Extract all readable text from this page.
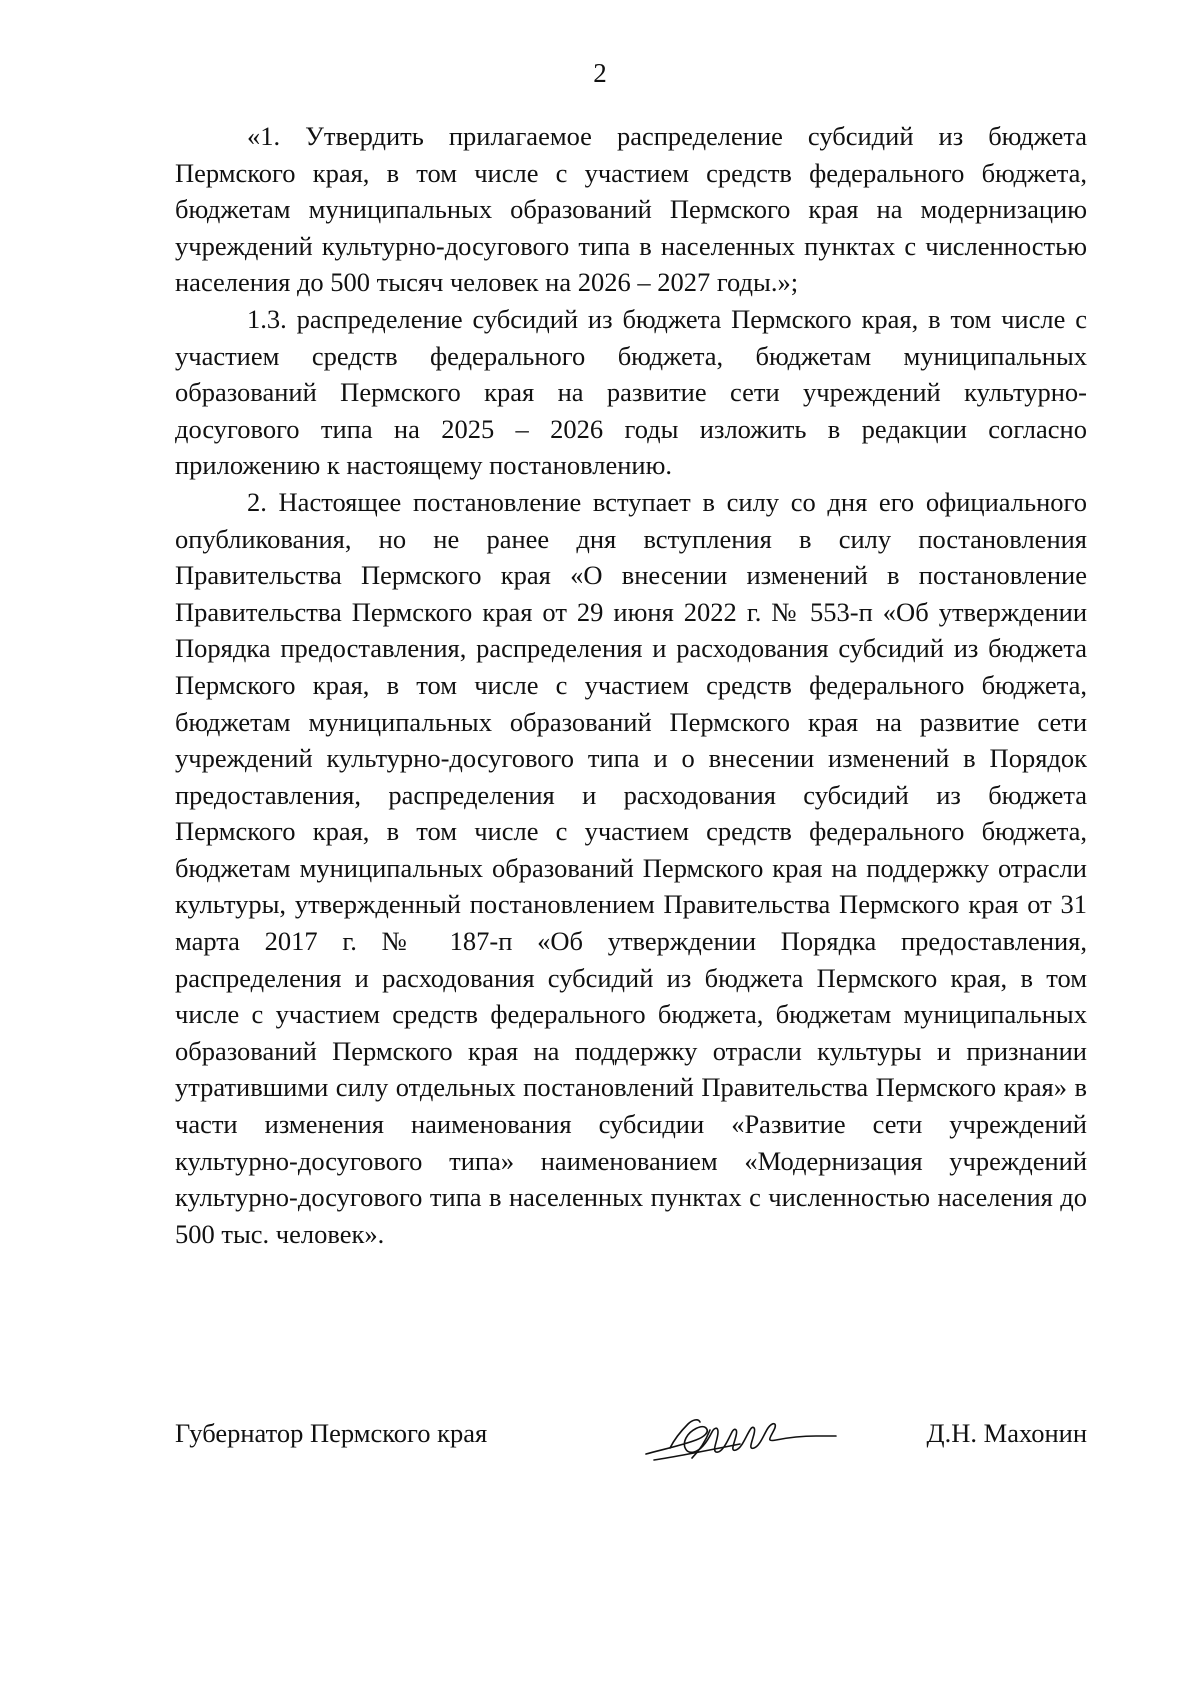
2

«1. Утвердить прилагаемое распределение субсидий из бюджета Пермского края, в том числе с участием средств федерального бюджета, бюджетам муниципальных образований Пермского края на модернизацию учреждений культурно-досугового типа в населенных пунктах с численностью населения до 500 тысяч человек на 2026 – 2027 годы.»;

1.3. распределение субсидий из бюджета Пермского края, в том числе с участием средств федерального бюджета, бюджетам муниципальных образований Пермского края на развитие сети учреждений культурно-досугового типа на 2025 – 2026 годы изложить в редакции согласно приложению к настоящему постановлению.

2. Настоящее постановление вступает в силу со дня его официального опубликования, но не ранее дня вступления в силу постановления Правительства Пермского края «О внесении изменений в постановление Правительства Пермского края от 29 июня 2022 г. № 553-п «Об утверждении Порядка предоставления, распределения и расходования субсидий из бюджета Пермского края, в том числе с участием средств федерального бюджета, бюджетам муниципальных образований Пермского края на развитие сети учреждений культурно-досугового типа и о внесении изменений в Порядок предоставления, распределения и расходования субсидий из бюджета Пермского края, в том числе с участием средств федерального бюджета, бюджетам муниципальных образований Пермского края на поддержку отрасли культуры, утвержденный постановлением Правительства Пермского края от 31 марта 2017 г. № 187-п «Об утверждении Порядка предоставления, распределения и расходования субсидий из бюджета Пермского края, в том числе с участием средств федерального бюджета, бюджетам муниципальных образований Пермского края на поддержку отрасли культуры и признании утратившими силу отдельных постановлений Правительства Пермского края» в части изменения наименования субсидии «Развитие сети учреждений культурно-досугового типа» наименованием «Модернизация учреждений культурно-досугового типа в населенных пунктах с численностью населения до 500 тыс. человек».

Губернатор Пермского края	Д.Н. Махонин
